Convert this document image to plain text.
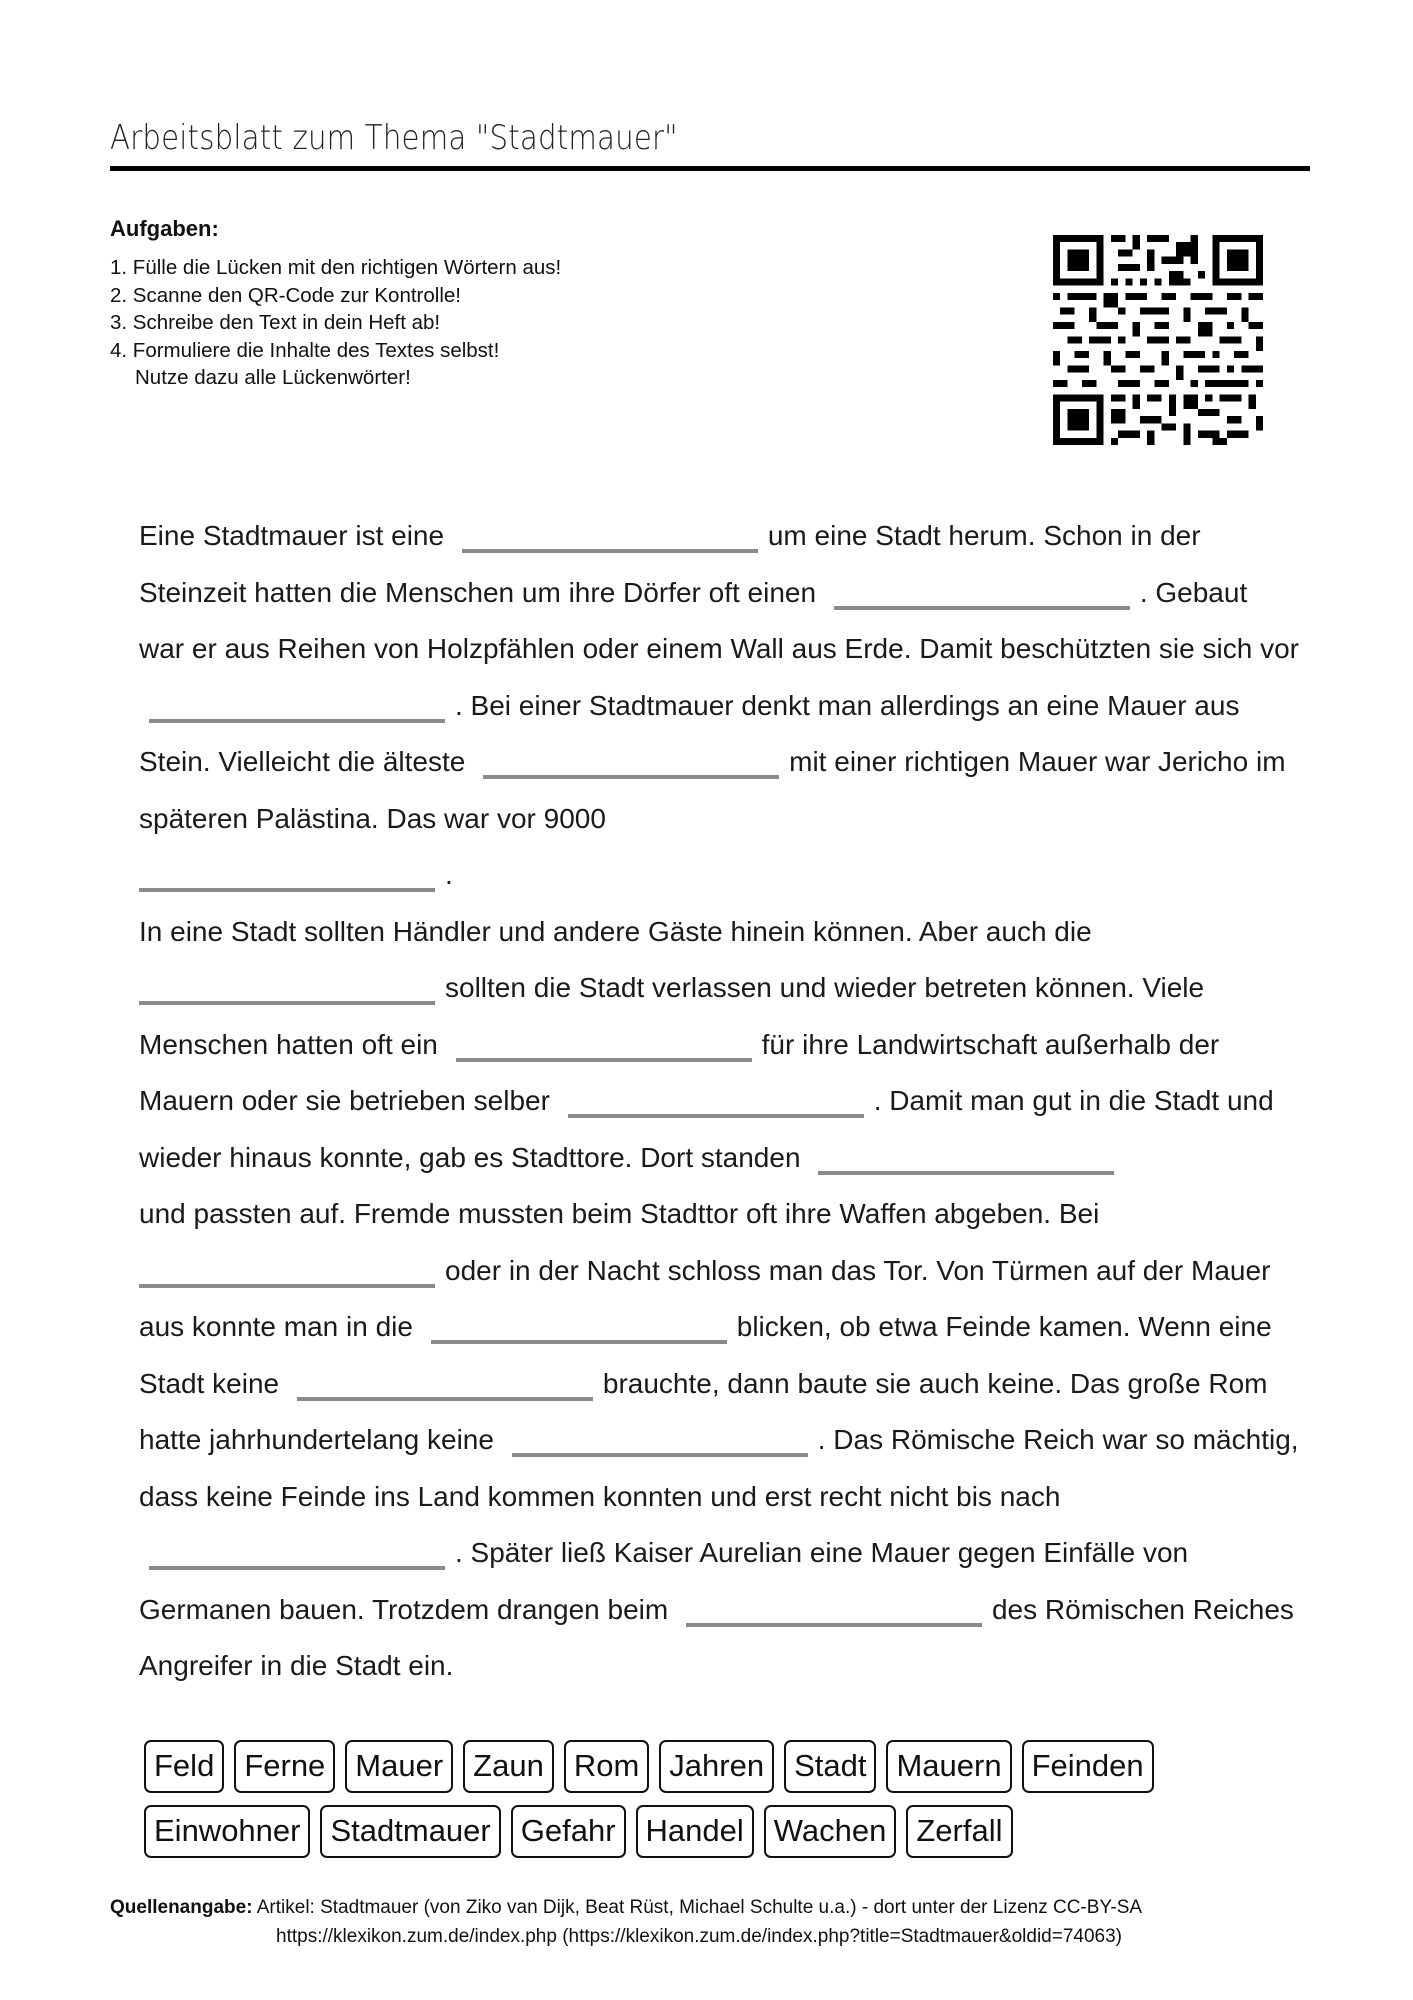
Arbeitsblatt zum Thema "Stadtmauer"
Aufgaben:
1. Fülle die Lücken mit den richtigen Wörtern aus!
2. Scanne den QR-Code zur Kontrolle!
3. Schreibe den Text in dein Heft ab!
4. Formuliere die Inhalte des Textes selbst!
Nutze dazu alle Lückenwörter!

Eine Stadtmauer ist eine	um eine Stadt herum. Schon in der Steinzeit hatten die Menschen um ihre Dörfer oft einen	. Gebaut war er aus Reihen von Holzpfählen oder einem Wall aus Erde. Damit beschützten sie sich vor . Bei einer Stadtmauer denkt man allerdings an eine Mauer aus Stein. Vielleicht die älteste	mit einer richtigen Mauer war Jericho im späteren Palästina. Das war vor 9000
.

In eine Stadt sollten Händler und andere Gäste hinein können. Aber auch die
sollten die Stadt verlassen und wieder betreten können. Viele Menschen hatten oft ein	für ihre Landwirtschaft außerhalb der Mauern oder sie betrieben selber	. Damit man gut in die Stadt und wieder hinaus konnte, gab es Stadttore. Dort standen
und passten auf. Fremde mussten beim Stadttor oft ihre Waffen abgeben. Bei
oder in der Nacht schloss man das Tor. Von Türmen auf der Mauer aus konnte man in die	blicken, ob etwa Feinde kamen. Wenn eine Stadt keine	brauchte, dann baute sie auch keine. Das große Rom hatte jahrhundertelang keine	. Das Römische Reich war so mächtig, dass keine Feinde ins Land kommen konnten und erst recht nicht bis nach . Später ließ Kaiser Aurelian eine Mauer gegen Einfälle von Germanen bauen. Trotzdem drangen beim	des Römischen Reiches Angreifer in die Stadt ein.

Feld Ferne Mauer Zaun Rom Jahren Stadt Mauern Feinden
Einwohner Stadtmauer Gefahr Handel Wachen Zerfall
Quellenangabe: Artikel: Stadtmauer (von Ziko van Dijk, Beat Rüst, Michael Schulte u.a.) - dort unter der Lizenz CC-BY-SA
https://klexikon.zum.de/index.php (https://klexikon.zum.de/index.php?title=Stadtmauer&oldid=74063)
